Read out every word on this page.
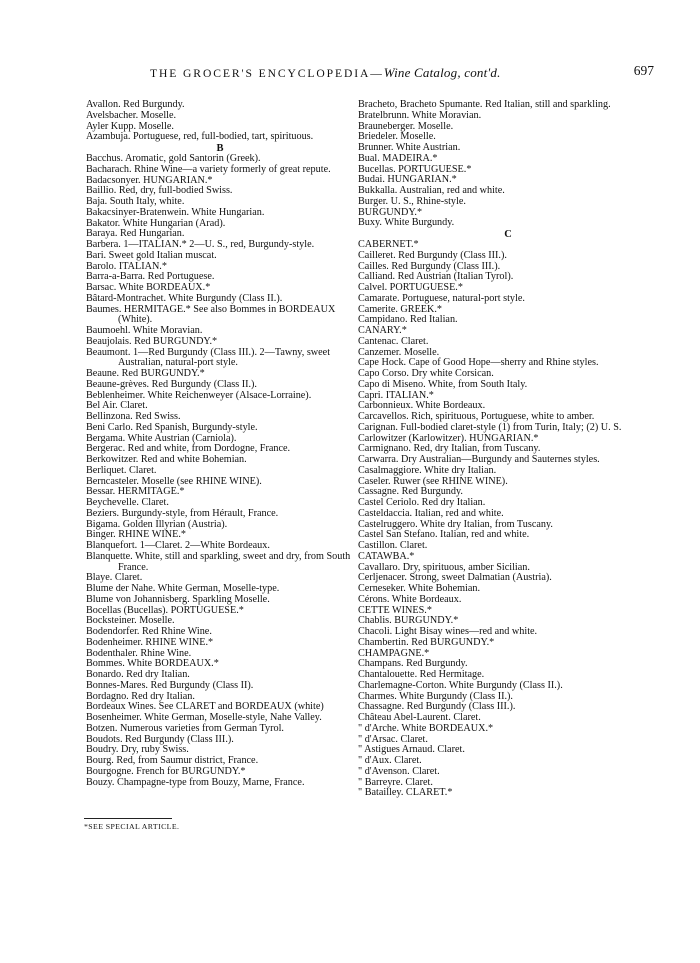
THE GROCER'S ENCYCLOPEDIA—Wine Catalog, cont'd.	697

Avallon. Red Burgundy.

Avelsbacher. Moselle.

Ayler Kupp. Moselle.

Azambuja. Portuguese, red, full-bodied, tart, spirituous.

B

Bacchus. Aromatic, gold Santorin (Greek).

Bacharach. Rhine Wine—a variety formerly of great repute.

Badacsonyer. HUNGARIAN.*

Baillio. Red, dry, full-bodied Swiss.

Baja. South Italy, white.

Bakacsinyer-Bratenwein. White Hungarian.

Bakator. White Hungarian (Arad).

Baraya. Red Hungarian.

Barbera. 1—ITALIAN.* 2—U. S., red, Burgundy-style.

Bari. Sweet gold Italian muscat.

Barolo. ITALIAN.*

Barra-a-Barra. Red Portuguese.

Barsac. White BORDEAUX.*

Bâtard-Montrachet. White Burgundy (Class II.).

Baumes. HERMITAGE.* See also Bommes in BORDEAUX (White).

Baumoehl. White Moravian.

Beaujolais. Red BURGUNDY.*

Beaumont. 1—Red Burgundy (Class III.). 2—Tawny, sweet Australian, natural-port style.

Beaune. Red BURGUNDY.*

Beaune-grèves. Red Burgundy (Class II.).

Beblenheimer. White Reichenweyer (Alsace-Lorraine).

Bel Air. Claret.

Bellinzona. Red Swiss.

Beni Carlo. Red Spanish, Burgundy-style.

Bergama. White Austrian (Carniola).

Bergerac. Red and white, from Dordogne, France.

Berkowitzer. Red and white Bohemian.

Berliquet. Claret.

Berncasteler. Moselle (see RHINE WINE).

Bessar. HERMITAGE.*

Beychevelle. Claret.

Beziers. Burgundy-style, from Hérault, France.

Bigama. Golden Illyrian (Austria).

Binger. RHINE WINE.*

Blanquefort. 1—Claret. 2—White Bordeaux.

Blanquette. White, still and sparkling, sweet and dry, from South France.

Blaye. Claret.

Blume der Nahe. White German, Moselle-type.

Blume von Johannisberg. Sparkling Moselle.

Bocellas (Bucellas). PORTUGUESE.*

Bocksteiner. Moselle.

Bodendorfer. Red Rhine Wine.

Bodenheimer. RHINE WINE.*

Bodenthaler. Rhine Wine.

Bommes. White BORDEAUX.*

Bonardo. Red dry Italian.

Bonnes-Mares. Red Burgundy (Class II).

Bordagno. Red dry Italian.

Bordeaux Wines. See CLARET and BORDEAUX (white)

Bosenheimer. White German, Moselle-style, Nahe Valley.

Botzen. Numerous varieties from German Tyrol.

Boudots. Red Burgundy (Class III.).

Boudry. Dry, ruby Swiss.

Bourg. Red, from Saumur district, France.

Bourgogne. French for BURGUNDY.*

Bouzy. Champagne-type from Bouzy, Marne, France.

Bracheto, Bracheto Spumante. Red Italian, still and sparkling.

Bratelbrunn. White Moravian.

Brauneberger. Moselle.

Briedeler. Moselle.

Brunner. White Austrian.

Bual. MADEIRA.*

Bucellas. PORTUGUESE.*

Budai. HUNGARIAN.*

Bukkalla. Australian, red and white.

Burger. U. S., Rhine-style.

BURGUNDY.*

Buxy. White Burgundy.

C

CABERNET.*

Cailleret. Red Burgundy (Class III.).

Cailles. Red Burgundy (Class III.).

Calliand. Red Austrian (Italian Tyrol).

Calvel. PORTUGUESE.*

Camarate. Portuguese, natural-port style.

Camerite. GREEK.*

Campidano. Red Italian.

CANARY.*

Cantenac. Claret.

Canzemer. Moselle.

Cape Hock. Cape of Good Hope—sherry and Rhine styles.

Capo Corso. Dry white Corsican.

Capo di Miseno. White, from South Italy.

Capri. ITALIAN.*

Carbonnieux. White Bordeaux.

Carcavellos. Rich, spirituous, Portuguese, white to amber.

Carignan. Full-bodied claret-style (1) from Turin, Italy; (2) U. S.

Carlowitzer (Karlowitzer). HUNGARIAN.*

Carmignano. Red, dry Italian, from Tuscany.

Carwarra. Dry Australian—Burgundy and Sauternes styles.

Casalmaggiore. White dry Italian.

Caseler. Ruwer (see RHINE WINE).

Cassagne. Red Burgundy.

Castel Ceriolo. Red dry Italian.

Casteldaccia. Italian, red and white.

Castelruggero. White dry Italian, from Tuscany.

Castel San Stefano. Italian, red and white.

Castillon. Claret.

CATAWBA.*

Cavallaro. Dry, spirituous, amber Sicilian.

Cerljenacer. Strong, sweet Dalmatian (Austria).

Cerneseker. White Bohemian.

Cérons. White Bordeaux.

CETTE WINES.*

Chablis. BURGUNDY.*

Chacoli. Light Bisay wines—red and white.

Chambertin. Red BURGUNDY.*

CHAMPAGNE.*

Champans. Red Burgundy.

Chantalouette. Red Hermitage.

Charlemagne-Corton. White Burgundy (Class II.).

Charmes. White Burgundy (Class II.).

Chassagne. Red Burgundy (Class III.).

Château Abel-Laurent. Claret.

" d'Arche. White BORDEAUX.*

" d'Arsac. Claret.

" Astigues Arnaud. Claret.

" d'Aux. Claret.

" d'Avenson. Claret.

" Barreyre. Claret.

" Batailley. CLARET.*

*SEE SPECIAL ARTICLE.
